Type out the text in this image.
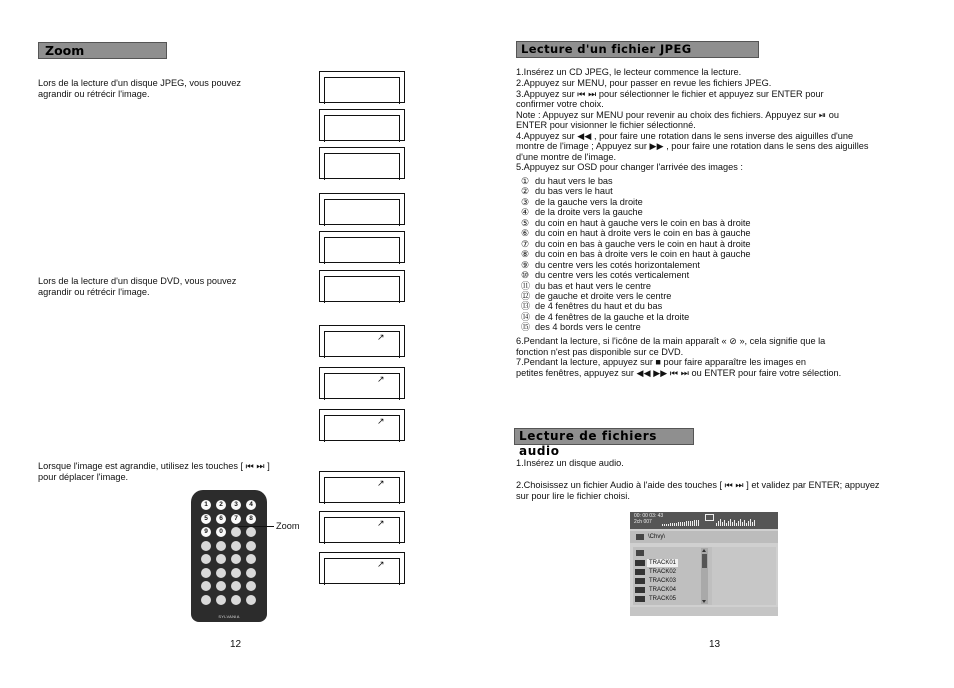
Zoom
Lors de la lecture d'un disque JPEG, vous pouvez
agrandir ou rétrécir l'image.
Lors de la lecture d'un disque DVD, vous pouvez
agrandir ou rétrécir l'image.
Lorsque l'image est agrandie, utilisez les touches [ ⏮ ⏭ ]
pour déplacer l'image.
↗
↗
↗
↗
↗
↗
1	2	3	4
5	6	7	8
9	0
SYLVANIA
Zoom
12
Lecture d'un fichier JPEG
1.Insérez un CD JPEG, le lecteur commence la lecture.
2.Appuyez sur MENU, pour passer en revue les fichiers JPEG.
3.Appuyez sur ⏮ ⏭ pour sélectionner le fichier et appuyez sur ENTER pour
confirmer votre choix.
Note : Appuyez sur MENU pour revenir au choix des fichiers. Appuyez sur ⏯ ou
ENTER pour visionner le fichier sélectionné.
4.Appuyez sur ◀◀ , pour faire une rotation dans le sens inverse des aiguilles d'une
montre de l'image ; Appuyez sur ▶▶ , pour faire une rotation dans le sens des aiguilles
d'une montre de l'image.
5.Appuyez sur OSD pour changer l'arrivée des images :
① du haut vers le bas
② du bas vers le haut
③ de la gauche vers la droite
④ de la droite vers la gauche
⑤ du coin en haut à gauche vers le coin en bas à droite
⑥ du coin en haut à droite vers le coin en bas à gauche
⑦ du coin en bas à gauche vers le coin en haut à droite
⑧ du coin en bas à droite vers le coin en haut à gauche
⑨ du centre vers les cotés horizontalement
⑩ du centre vers les cotés verticalement
⑪ du bas et haut vers le centre
⑫ de gauche et droite vers le centre
⑬ de 4 fenêtres du haut et du bas
⑭ de 4 fenêtres de la gauche et la droite
⑮ des 4 bords vers le centre
6.Pendant la lecture, si l'icône de la main apparaît « ⊘ », cela signifie que la
fonction n'est pas disponible sur ce DVD.
7.Pendant la lecture, appuyez sur ■ pour faire apparaître les images en
petites fenêtres, appuyez sur ◀◀ ▶▶ ⏮ ⏭ ou ENTER pour faire votre sélection.
Lecture de fichiers audio
1.Insérez un disque audio.
2.Choisissez un fichier Audio à l'aide des touches [ ⏮ ⏭ ] et validez par ENTER; appuyez
sur pour lire le fichier choisi.
00: 00 03: 43
2ch 007
\Chvy\
TRACK01
TRACK02
TRACK03
TRACK04
TRACK05
13
